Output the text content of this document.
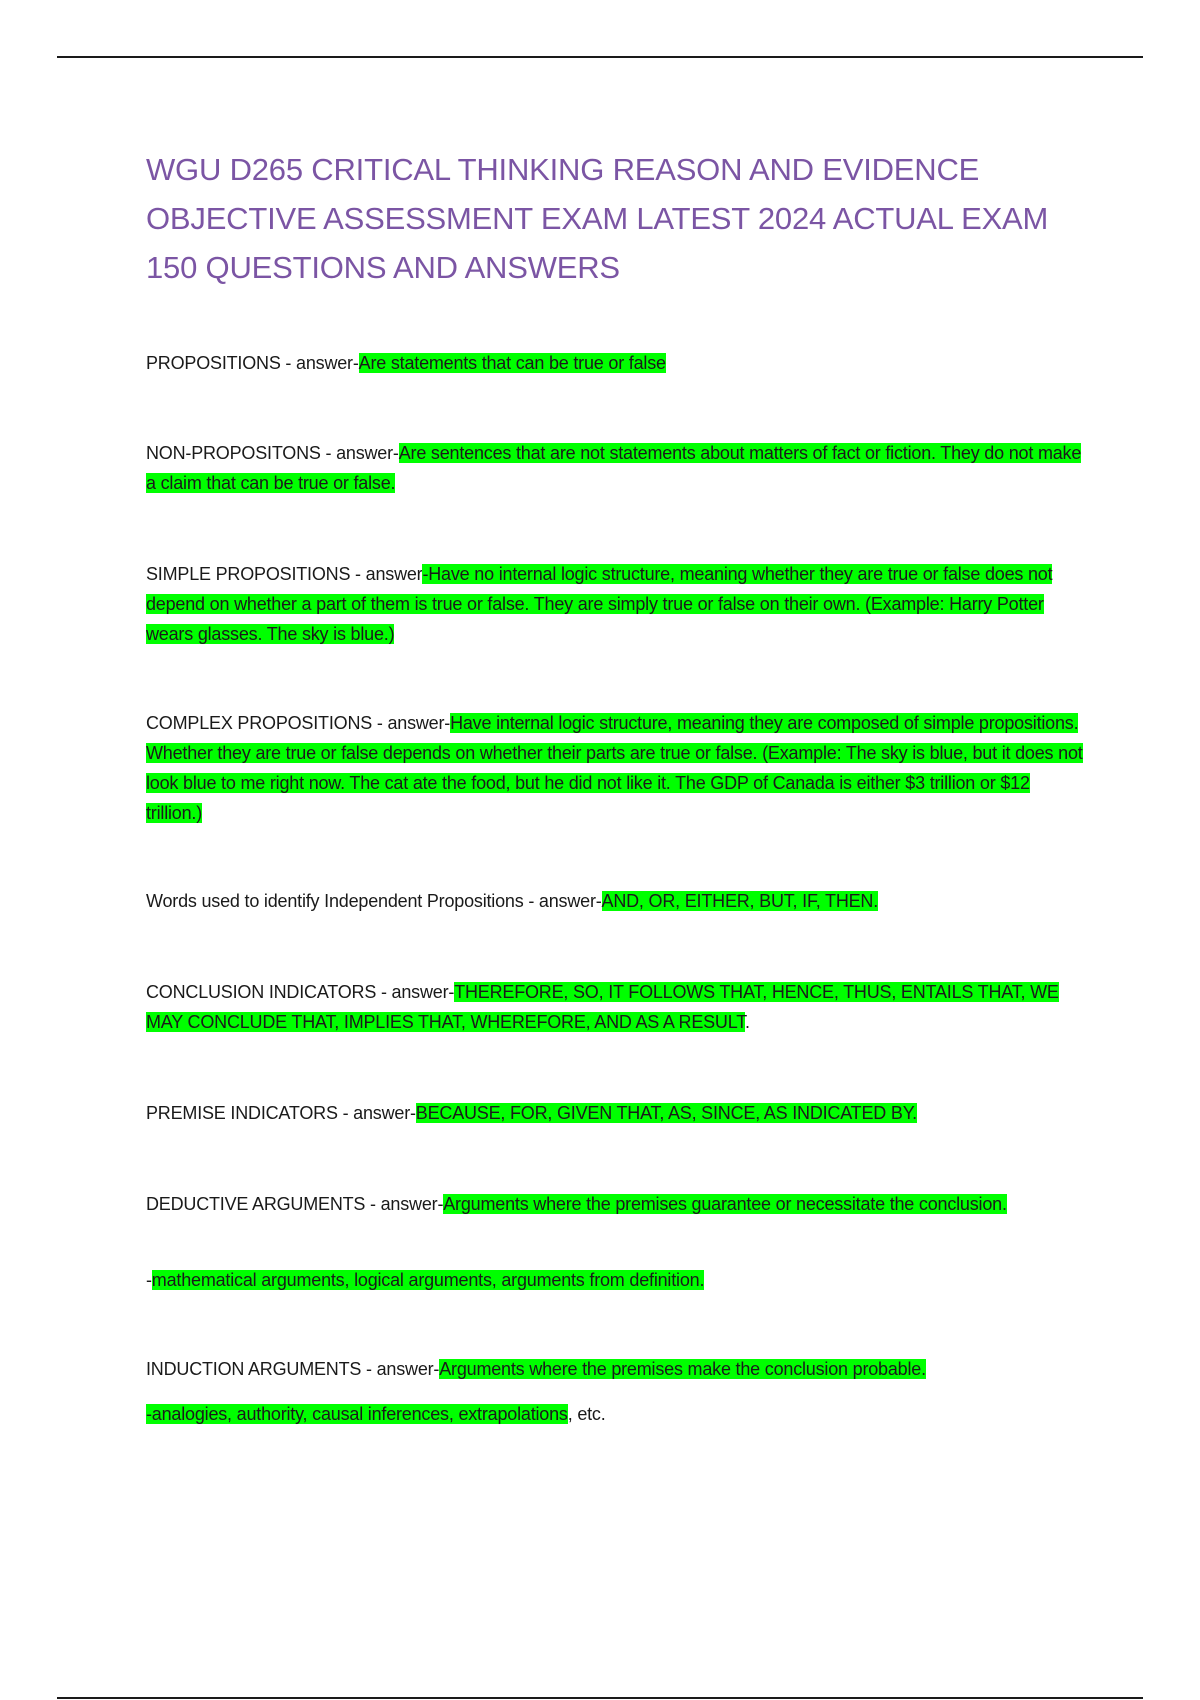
WGU D265 CRITICAL THINKING REASON AND EVIDENCE
OBJECTIVE ASSESSMENT EXAM LATEST 2024 ACTUAL EXAM
150 QUESTIONS AND ANSWERS

PROPOSITIONS - answer-Are statements that can be true or false

NON-PROPOSITONS - answer-Are sentences that are not statements about matters of fact or fiction. They do not make a claim that can be true or false.

SIMPLE PROPOSITIONS - answer-Have no internal logic structure, meaning whether they are true or false does not depend on whether a part of them is true or false. They are simply true or false on their own. (Example: Harry Potter wears glasses. The sky is blue.)

COMPLEX PROPOSITIONS - answer-Have internal logic structure, meaning they are composed of simple propositions. Whether they are true or false depends on whether their parts are true or false. (Example: The sky is blue, but it does not look blue to me right now. The cat ate the food, but he did not like it. The GDP of Canada is either $3 trillion or $12 trillion.)

Words used to identify Independent Propositions - answer-AND, OR, EITHER, BUT, IF, THEN.

CONCLUSION INDICATORS - answer-THEREFORE, SO, IT FOLLOWS THAT, HENCE, THUS, ENTAILS THAT, WE MAY CONCLUDE THAT, IMPLIES THAT, WHEREFORE, AND AS A RESULT.

PREMISE INDICATORS - answer-BECAUSE, FOR, GIVEN THAT, AS, SINCE, AS INDICATED BY.

DEDUCTIVE ARGUMENTS - answer-Arguments where the premises guarantee or necessitate the conclusion.

-mathematical arguments, logical arguments, arguments from definition.

INDUCTION ARGUMENTS - answer-Arguments where the premises make the conclusion probable.

-analogies, authority, causal inferences, extrapolations, etc.
